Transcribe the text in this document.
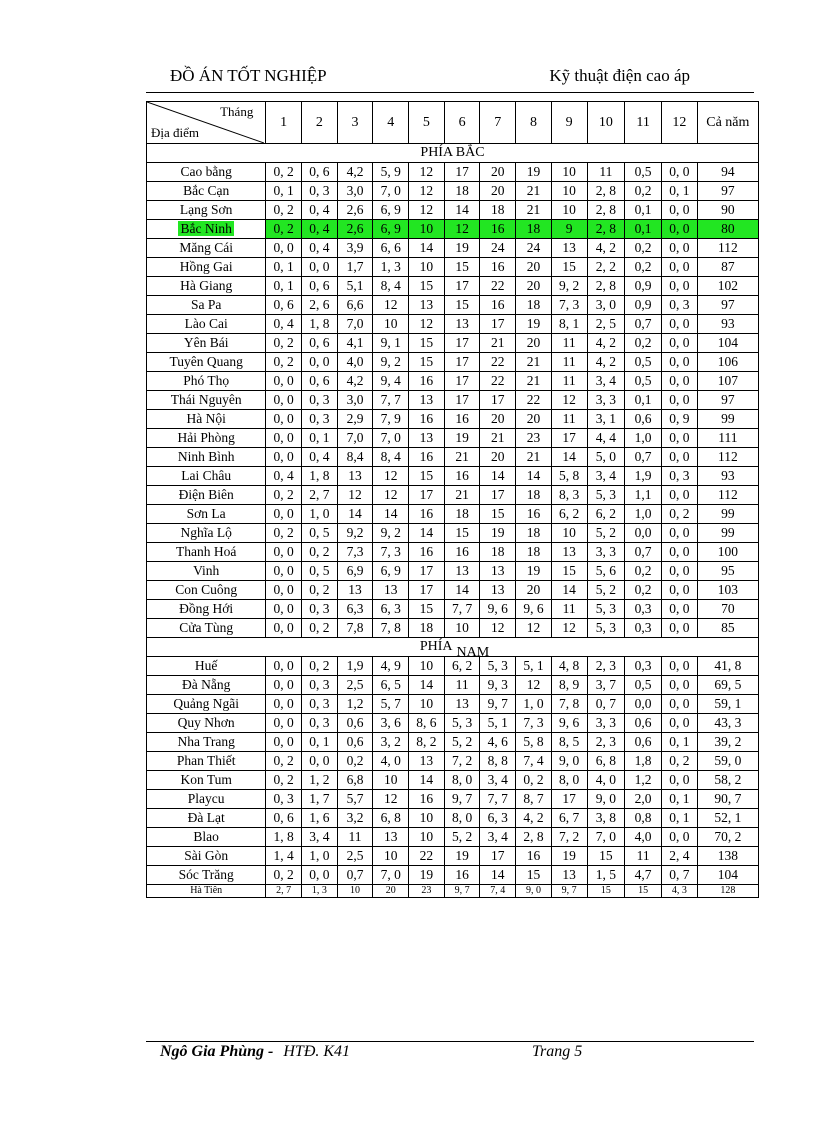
ĐỒ ÁN TỐT NGHIỆP	Kỹ thuật điện cao áp
Tháng
Địa điểm	1	2	3	4	5	6	7	8	9	10	11	12	Cả năm
PHÍA BẮC													
Cao bằng	0, 2	0, 6	4,2	5, 9	12	17	20	19	10	11	0,5	0, 0	94
Bắc Cạn	0, 1	0, 3	3,0	7, 0	12	18	20	21	10	2, 8	0,2	0, 1	97
Lạng Sơn	0, 2	0, 4	2,6	6, 9	12	14	18	21	10	2, 8	0,1	0, 0	90
Bắc Ninh	0, 2	0, 4	2,6	6, 9	10	12	16	18	9	2, 8	0,1	0, 0	80
Măng Cái	0, 0	0, 4	3,9	6, 6	14	19	24	24	13	4, 2	0,2	0, 0	112
Hồng Gai	0, 1	0, 0	1,7	1, 3	10	15	16	20	15	2, 2	0,2	0, 0	87
Hà Giang	0, 1	0, 6	5,1	8, 4	15	17	22	20	9, 2	2, 8	0,9	0, 0	102
Sa Pa	0, 6	2, 6	6,6	12	13	15	16	18	7, 3	3, 0	0,9	0, 3	97
Lào Cai	0, 4	1, 8	7,0	10	12	13	17	19	8, 1	2, 5	0,7	0, 0	93
Yên Bái	0, 2	0, 6	4,1	9, 1	15	17	21	20	11	4, 2	0,2	0, 0	104
Tuyên Quang	0, 2	0, 0	4,0	9, 2	15	17	22	21	11	4, 2	0,5	0, 0	106
Phó Thọ	0, 0	0, 6	4,2	9, 4	16	17	22	21	11	3, 4	0,5	0, 0	107
Thái Nguyên	0, 0	0, 3	3,0	7, 7	13	17	17	22	12	3, 3	0,1	0, 0	97
Hà Nội	0, 0	0, 3	2,9	7, 9	16	16	20	20	11	3, 1	0,6	0, 9	99
Hải Phòng	0, 0	0, 1	7,0	7, 0	13	19	21	23	17	4, 4	1,0	0, 0	111
Ninh Bình	0, 0	0, 4	8,4	8, 4	16	21	20	21	14	5, 0	0,7	0, 0	112
Lai Châu	0, 4	1, 8	13	12	15	16	14	14	5, 8	3, 4	1,9	0, 3	93
Điện Biên	0, 2	2, 7	12	12	17	21	17	18	8, 3	5, 3	1,1	0, 0	112
Sơn La	0, 0	1, 0	14	14	16	18	15	16	6, 2	6, 2	1,0	0, 2	99
Nghĩa Lộ	0, 2	0, 5	9,2	9, 2	14	15	19	18	10	5, 2	0,0	0, 0	99
Thanh Hoá	0, 0	0, 2	7,3	7, 3	16	16	18	18	13	3, 3	0,7	0, 0	100
Vinh	0, 0	0, 5	6,9	6, 9	17	13	13	19	15	5, 6	0,2	0, 0	95
Con Cuông	0, 0	0, 2	13	13	17	14	13	20	14	5, 2	0,2	0, 0	103
Đồng Hới	0, 0	0, 3	6,3	6, 3	15	7, 7	9, 6	9, 6	11	5, 3	0,3	0, 0	70
Cửa Tùng	0, 0	0, 2	7,8	7, 8	18	10	12	12	12	5, 3	0,3	0, 0	85
PHÍA NAM													
Huế	0, 0	0, 2	1,9	4, 9	10	6, 2	5, 3	5, 1	4, 8	2, 3	0,3	0, 0	41, 8
Đà Nẵng	0, 0	0, 3	2,5	6, 5	14	11	9, 3	12	8, 9	3, 7	0,5	0, 0	69, 5
Quảng Ngãi	0, 0	0, 3	1,2	5, 7	10	13	9, 7	1, 0	7, 8	0, 7	0,0	0, 0	59, 1
Quy Nhơn	0, 0	0, 3	0,6	3, 6	8, 6	5, 3	5, 1	7, 3	9, 6	3, 3	0,6	0, 0	43, 3
Nha Trang	0, 0	0, 1	0,6	3, 2	8, 2	5, 2	4, 6	5, 8	8, 5	2, 3	0,6	0, 1	39, 2
Phan Thiết	0, 2	0, 0	0,2	4, 0	13	7, 2	8, 8	7, 4	9, 0	6, 8	1,8	0, 2	59, 0
Kon Tum	0, 2	1, 2	6,8	10	14	8, 0	3, 4	0, 2	8, 0	4, 0	1,2	0, 0	58, 2
Playcu	0, 3	1, 7	5,7	12	16	9, 7	7, 7	8, 7	17	9, 0	2,0	0, 1	90, 7
Đà Lạt	0, 6	1, 6	3,2	6, 8	10	8, 0	6, 3	4, 2	6, 7	3, 8	0,8	0, 1	52, 1
Blao	1, 8	3, 4	11	13	10	5, 2	3, 4	2, 8	7, 2	7, 0	4,0	0, 0	70, 2
Sài Gòn	1, 4	1, 0	2,5	10	22	19	17	16	19	15	11	2, 4	138
Sóc Trăng	0, 2	0, 0	0,7	7, 0	19	16	14	15	13	1, 5	4,7	0, 7	104
Hà Tiên	2, 7	1, 3	10	20	23	9, 7	7, 4	9, 0	9, 7	15	15	4, 3	128
Ngô Gia Phùng - HTĐ. K41	Trang 5
